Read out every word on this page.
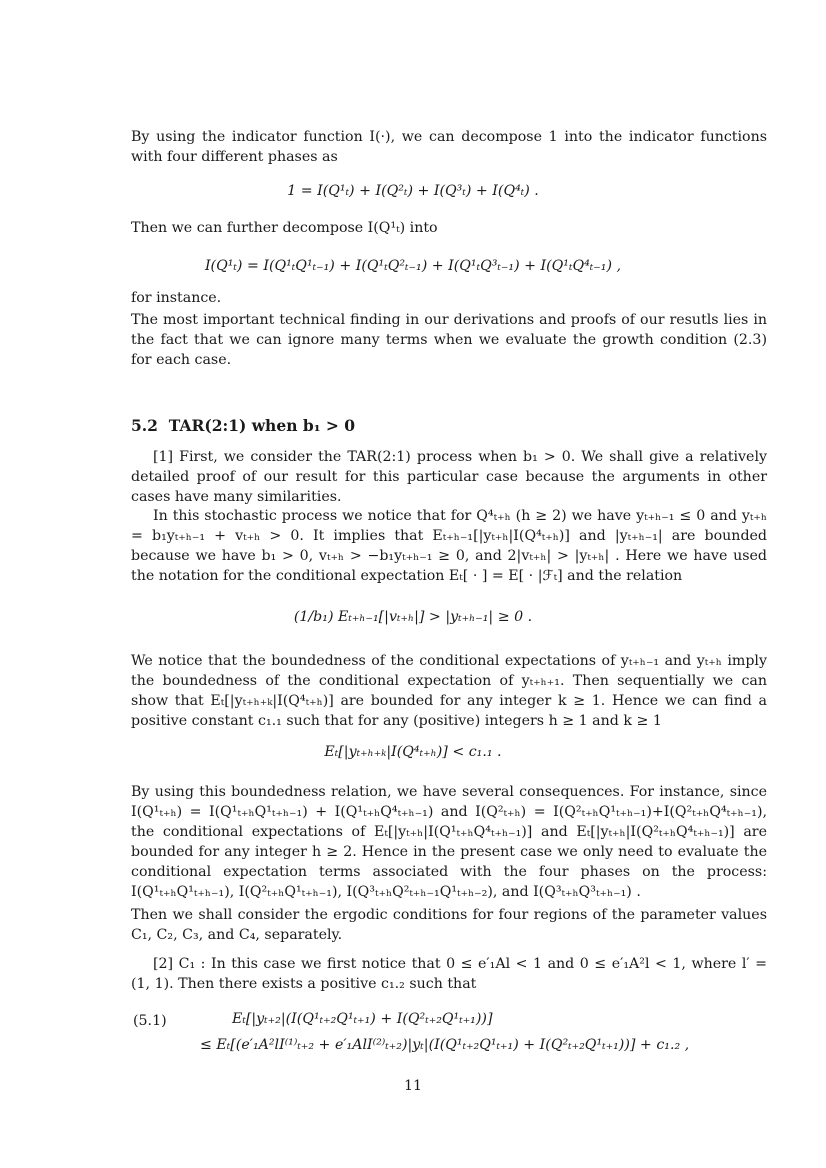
By using the indicator function I(·), we can decompose 1 into the indicator functions with four different phases as

1 = I(Q¹ₜ) + I(Q²ₜ) + I(Q³ₜ) + I(Q⁴ₜ) .

Then we can further decompose I(Q¹ₜ) into

I(Q¹ₜ) = I(Q¹ₜQ¹ₜ₋₁) + I(Q¹ₜQ²ₜ₋₁) + I(Q¹ₜQ³ₜ₋₁) + I(Q¹ₜQ⁴ₜ₋₁) ,

for instance.

The most important technical finding in our derivations and proofs of our resutls lies in the fact that we can ignore many terms when we evaluate the growth condition (2.3) for each case.

5.2 TAR(2:1) when b₁ > 0

[1] First, we consider the TAR(2:1) process when b₁ > 0. We shall give a relatively detailed proof of our result for this particular case because the arguments in other cases have many similarities.

In this stochastic process we notice that for Q⁴ₜ₊ₕ (h ≥ 2) we have yₜ₊ₕ₋₁ ≤ 0 and yₜ₊ₕ = b₁yₜ₊ₕ₋₁ + vₜ₊ₕ > 0. It implies that Eₜ₊ₕ₋₁[|yₜ₊ₕ|I(Q⁴ₜ₊ₕ)] and |yₜ₊ₕ₋₁| are bounded because we have b₁ > 0, vₜ₊ₕ > −b₁yₜ₊ₕ₋₁ ≥ 0, and 2|vₜ₊ₕ| > |yₜ₊ₕ| . Here we have used the notation for the conditional expectation Eₜ[ · ] = E[ · |ℱₜ] and the relation

(1/b₁) Eₜ₊ₕ₋₁[|vₜ₊ₕ|] > |yₜ₊ₕ₋₁| ≥ 0 .

We notice that the boundedness of the conditional expectations of yₜ₊ₕ₋₁ and yₜ₊ₕ imply the boundedness of the conditional expectation of yₜ₊ₕ₊₁. Then sequentially we can show that Eₜ[|yₜ₊ₕ₊ₖ|I(Q⁴ₜ₊ₕ)] are bounded for any integer k ≥ 1. Hence we can find a positive constant c₁.₁ such that for any (positive) integers h ≥ 1 and k ≥ 1

Eₜ[|yₜ₊ₕ₊ₖ|I(Q⁴ₜ₊ₕ)] < c₁.₁ .

By using this boundedness relation, we have several consequences. For instance, since I(Q¹ₜ₊ₕ) = I(Q¹ₜ₊ₕQ¹ₜ₊ₕ₋₁) + I(Q¹ₜ₊ₕQ⁴ₜ₊ₕ₋₁) and I(Q²ₜ₊ₕ) = I(Q²ₜ₊ₕQ¹ₜ₊ₕ₋₁)+I(Q²ₜ₊ₕQ⁴ₜ₊ₕ₋₁), the conditional expectations of Eₜ[|yₜ₊ₕ|I(Q¹ₜ₊ₕQ⁴ₜ₊ₕ₋₁)] and Eₜ[|yₜ₊ₕ|I(Q²ₜ₊ₕQ⁴ₜ₊ₕ₋₁)] are bounded for any integer h ≥ 2. Hence in the present case we only need to evaluate the conditional expectation terms associated with the four phases on the process: I(Q¹ₜ₊ₕQ¹ₜ₊ₕ₋₁), I(Q²ₜ₊ₕQ¹ₜ₊ₕ₋₁), I(Q³ₜ₊ₕQ²ₜ₊ₕ₋₁Q¹ₜ₊ₕ₋₂), and I(Q³ₜ₊ₕQ³ₜ₊ₕ₋₁) .

Then we shall consider the ergodic conditions for four regions of the parameter values C₁, C₂, C₃, and C₄, separately.

[2] C₁ : In this case we first notice that 0 ≤ e′₁Al < 1 and 0 ≤ e′₁A²l < 1, where l′ = (1, 1). Then there exists a positive c₁.₂ such that

(5.1)	Eₜ[|yₜ₊₂|(I(Q¹ₜ₊₂Q¹ₜ₊₁) + I(Q²ₜ₊₂Q¹ₜ₊₁))]
≤ Eₜ[(e′₁A²lI⁽¹⁾ₜ₊₂ + e′₁AlI⁽²⁾ₜ₊₂)|yₜ|(I(Q¹ₜ₊₂Q¹ₜ₊₁) + I(Q²ₜ₊₂Q¹ₜ₊₁))] + c₁.₂ ,
11
